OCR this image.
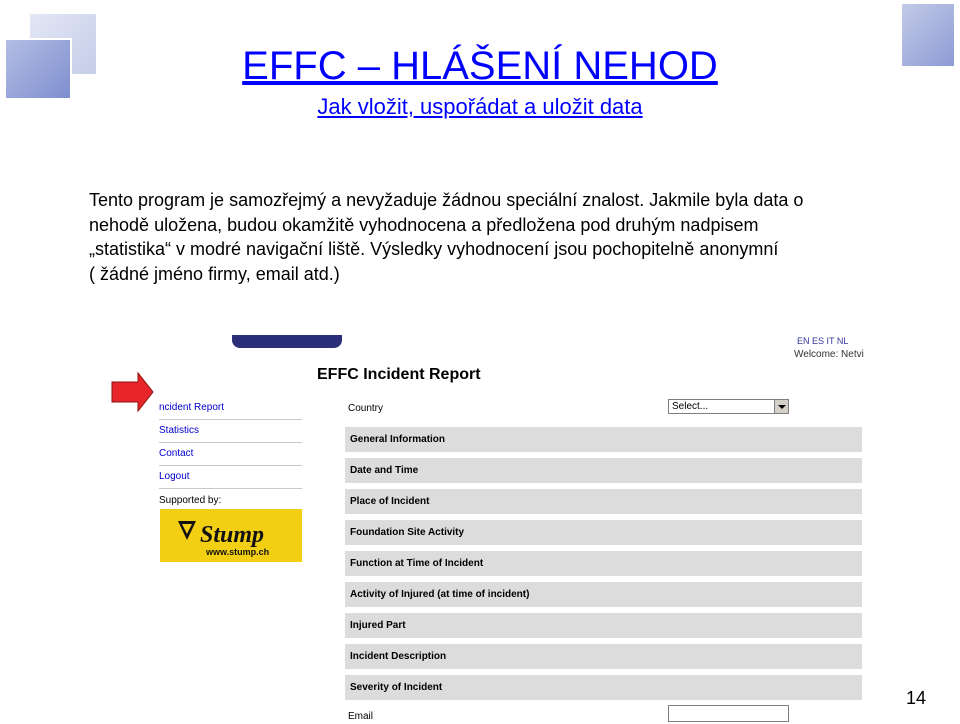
EFFC – HLÁŠENÍ NEHOD
Jak vložit, uspořádat a uložit data
Tento program je samozřejmý a nevyžaduje žádnou speciální znalost. Jakmile byla data o
nehodě uložena, budou okamžitě vyhodnocena a předložena pod druhým nadpisem
„statistika“ v modré navigační liště. Výsledky vyhodnocení jsou pochopitelně anonymní
( žádné jméno firmy, email atd.)
EN ES IT NL
Welcome: Netvi
EFFC Incident Report
ncident Report
Statistics
Contact
Logout
Supported by:
Stump
www.stump.ch
Country	Select...
General Information
Date and Time
Place of Incident
Foundation Site Activity
Function at Time of Incident
Activity of Injured (at time of incident)
Injured Part
Incident Description
Severity of Incident
Email
14
